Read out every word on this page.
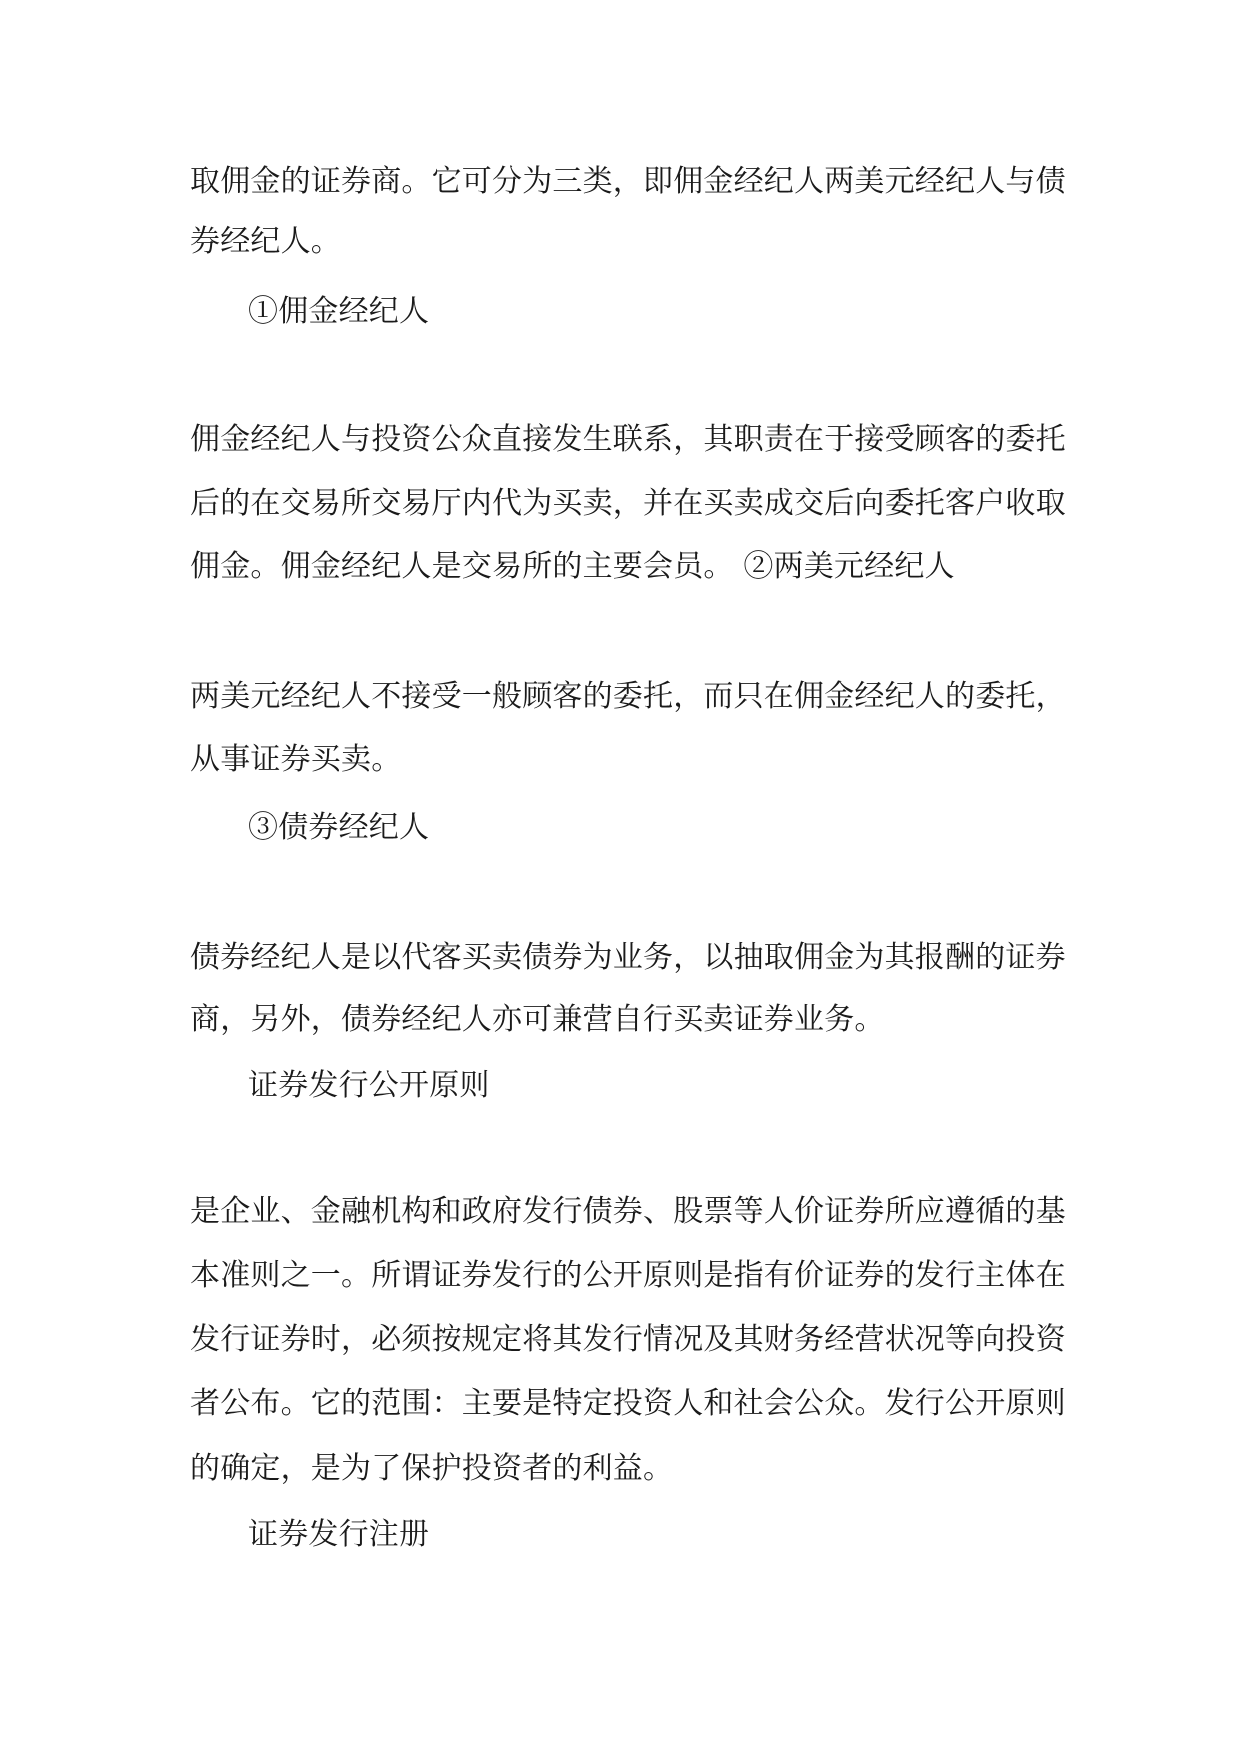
取佣金的证券商。它可分为三类，即佣金经纪人两美元经纪人与债
券经纪人。
①佣金经纪人
佣金经纪人与投资公众直接发生联系，其职责在于接受顾客的委托
后的在交易所交易厅内代为买卖，并在买卖成交后向委托客户收取
佣金。佣金经纪人是交易所的主要会员。 ②两美元经纪人
两美元经纪人不接受一般顾客的委托，而只在佣金经纪人的委托，
从事证券买卖。
③债券经纪人
债券经纪人是以代客买卖债券为业务，以抽取佣金为其报酬的证券
商，另外，债券经纪人亦可兼营自行买卖证券业务。
证券发行公开原则
是企业、金融机构和政府发行债券、股票等人价证券所应遵循的基
本准则之一。所谓证券发行的公开原则是指有价证券的发行主体在
发行证券时，必须按规定将其发行情况及其财务经营状况等向投资
者公布。它的范围：主要是特定投资人和社会公众。发行公开原则
的确定，是为了保护投资者的利益。
证券发行注册
